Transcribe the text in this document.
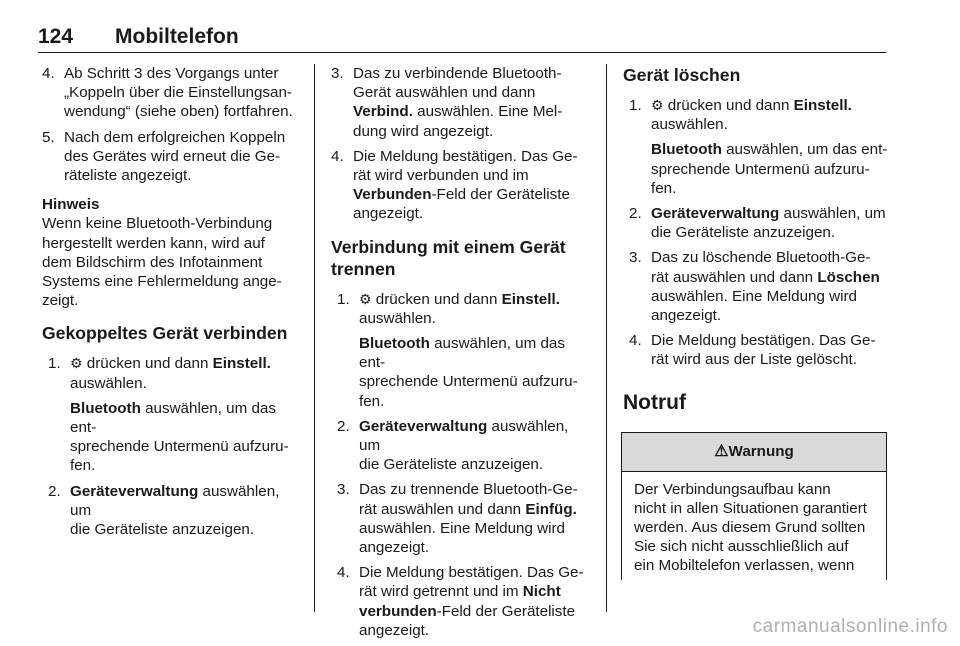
124 Mobiltelefon
4. Ab Schritt 3 des Vorgangs unter
„Koppeln über die Einstellungsan‐
wendung“ (siehe oben) fortfahren.
5. Nach dem erfolgreichen Koppeln
des Gerätes wird erneut die Ge‐
räteliste angezeigt.
Hinweis
Wenn keine Bluetooth-Verbindung
hergestellt werden kann, wird auf
dem Bildschirm des Infotainment
Systems eine Fehlermeldung ange‐
zeigt.
Gekoppeltes Gerät verbinden
1. ⚙ drücken und dann Einstell.
auswählen.
Bluetooth auswählen, um das ent‐
sprechende Untermenü aufzuru‐
fen.
2. Geräteverwaltung auswählen, um
die Geräteliste anzuzeigen.
3. Das zu verbindende Bluetooth-
Gerät auswählen und dann
Verbind. auswählen. Eine Mel‐
dung wird angezeigt.
4. Die Meldung bestätigen. Das Ge‐
rät wird verbunden und im
Verbunden-Feld der Geräteliste
angezeigt.
Verbindung mit einem Gerät
trennen
1. ⚙ drücken und dann Einstell.
auswählen.
Bluetooth auswählen, um das ent‐
sprechende Untermenü aufzuru‐
fen.
2. Geräteverwaltung auswählen, um
die Geräteliste anzuzeigen.
3. Das zu trennende Bluetooth-Ge‐
rät auswählen und dann Einfüg.
auswählen. Eine Meldung wird
angezeigt.
4. Die Meldung bestätigen. Das Ge‐
rät wird getrennt und im Nicht
verbunden-Feld der Geräteliste
angezeigt.
Gerät löschen
1. ⚙ drücken und dann Einstell.
auswählen.
Bluetooth auswählen, um das ent‐
sprechende Untermenü aufzuru‐
fen.
2. Geräteverwaltung auswählen, um
die Geräteliste anzuzeigen.
3. Das zu löschende Bluetooth-Ge‐
rät auswählen und dann Löschen
auswählen. Eine Meldung wird
angezeigt.
4. Die Meldung bestätigen. Das Ge‐
rät wird aus der Liste gelöscht.
Notruf
⚠Warnung
Der Verbindungsaufbau kann
nicht in allen Situationen garantiert
werden. Aus diesem Grund sollten
Sie sich nicht ausschließlich auf
ein Mobiltelefon verlassen, wenn
carmanualsonline.info
